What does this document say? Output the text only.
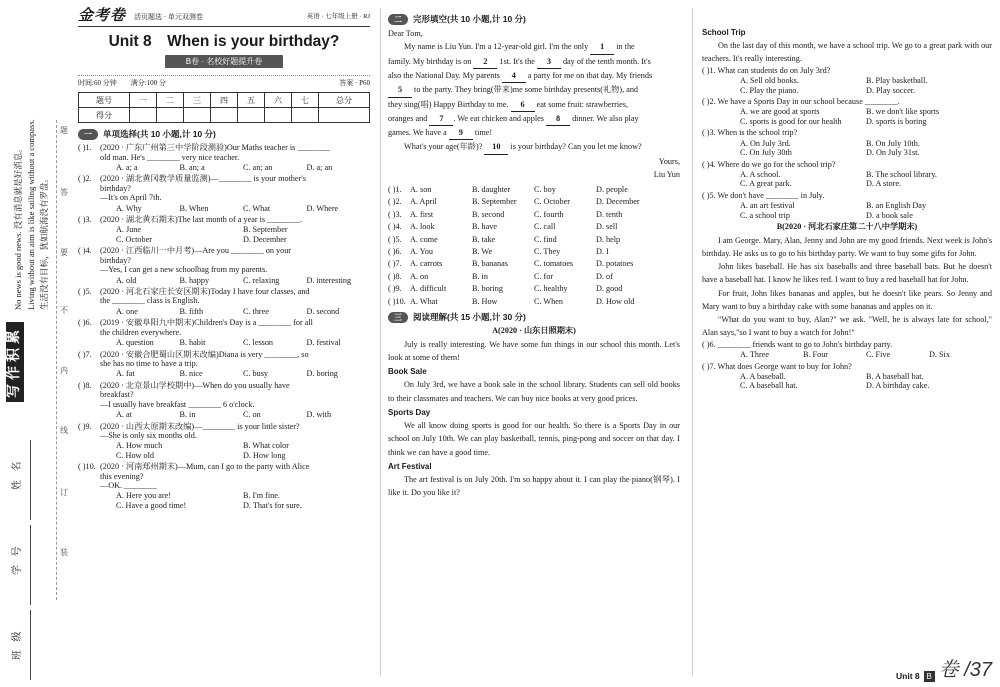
No news is good news. 没有消息就是好消息。 Living without an aim is like sailing without a compass. 生活没有目标，犹如航海没有罗盘。
写作积累
题
答
要
不
内
线
订
装
姓 名
学 号
班 级
金考卷 活页题选 · 单元双测卷	英语 · 七年级上册 · RJ
Unit 8　When is your birthday?
B卷 · 名校好题提升卷
时间:60 分钟　　满分:100 分	答案 · P60
题号	一	二	三	四	五	六	七	总分
得分								
一	单项选择(共 10 小题,计 10 分)
( )1.	(2020 · 广东广州第三中学阶段测验)Our Maths teacher is ________
old man. He's ________ very nice teacher.
A. a; a	B. an; a	C. an; an	D. a; an
( )2.	(2020 · 湖北黄冈教学质量监测)—________ is your mother's
birthday?
—It's on April 7th.
A. Why	B. When	C. What	D. Where
( )3.	(2020 · 湖北黄石期末)The last month of a year is ________.
A. June	B. September
C. October	D. December
( )4.	(2020 · 江西临川一中月考)—Are you ________ on your
birthday?
—Yes, I can get a new schoolbag from my parents.
A. old	B. happy	C. relaxing	D. interesting
( )5.	(2020 · 河北石家庄长安区期末)Today I have four classes, and
the ________ class is English.
A. one	B. fifth	C. three	D. second
( )6.	(2019 · 安徽阜阳九中期末)Children's Day is a ________ for all
the children everywhere.
A. question	B. habit	C. lesson	D. festival
( )7.	(2020 · 安徽合肥蜀山区期末改编)Diana is very ________, so
she has no time to have a trip.
A. fat	B. nice	C. busy	D. boring
( )8.	(2020 · 北京景山学校期中)—When do you usually have
breakfast?
—I usually have breakfast ________ 6 o'clock.
A. at	B. in	C. on	D. with
( )9.	(2020 · 山西太原期末改编)—________ is your little sister?
—She is only six months old.
A. How much	B. What color
C. How old	D. How long
( )10. (2020 · 河南郑州期末)—Mum, can I go to the party with Alice
this evening?
—OK. ________
A. Here you are!	B. I'm fine.
C. Have a good time!	D. That's for sure.
二	完形填空(共 10 小题,计 10 分)
Dear Tom,
My name is Liu Yun. I'm a 12-year-old girl. I'm the only 1 in the
family. My birthday is on 2 1st. It's the 3 day of the tenth month. It's
also the National Day. My parents 4 a party for me on that day. My friends
5 to the party. They bring(带来)me some birthday presents(礼物), and
they sing(唱) Happy Birthday to me. 6 eat some fruit: strawberries,
oranges and 7 . We eat chicken and apples 8 dinner. We also play
games. We have a 9 time!
What's your age(年龄)? 10 is your birthday? Can you let me know?
Yours,
Liu Yun
( )1.	A. son	B. daughter	C. boy	D. people
( )2.	A. April	B. September	C. October	D. December
( )3.	A. first	B. second	C. fourth	D. tenth
( )4.	A. look	B. have	C. call	D. sell
( )5.	A. come	B. take	C. find	D. help
( )6.	A. You	B. We	C. They	D. I
( )7.	A. carrots	B. bananas	C. tomatoes	D. potatoes
( )8.	A. on	B. in	C. for	D. of
( )9.	A. difficult	B. boring	C. healthy	D. good
( )10. A. What	B. How	C. When	D. How old
三	阅读理解(共 15 小题,计 30 分)
A(2020 · 山东日照期末)
July is really interesting. We have some fun things in our school this month. Let's look at some of them!
Book Sale
On July 3rd, we have a book sale in the school library. Students can sell old books to their classmates and teachers. We can buy nice books at very good prices.
Sports Day
We all know doing sports is good for our health. So there is a Sports Day in our school on July 10th. We can play basketball, tennis, ping-pong and soccer on that day. I think we can have a good time.
Art Festival
The art festival is on July 20th. I'm so happy about it. I can play the piano(钢琴). I like it. Do you like it?
School Trip
On the last day of this month, we have a school trip. We go to a great park with our teachers. It's really interesting.
( )1. What can students do on July 3rd?
A. Sell old books.	B. Play basketball.
C. Play the piano.	D. Play soccer.
( )2. We have a Sports Day in our school because ________.
A. we are good at sports	B. we don't like sports
C. sports is good for our health	D. sports is boring
( )3. When is the school trip?
A. On July 3rd.	B. On July 10th.
C. On July 30th	D. On July 31st.
( )4. Where do we go for the school trip?
A. A school.	B. The school library.
C. A great park.	D. A store.
( )5. We don't have ________ in July.
A. an art festival	B. an English Day
C. a school trip	D. a book sale
B(2020 · 河北石家庄第二十八中学期末)
I am George. Mary, Alan, Jenny and John are my good friends. Next week is John's birthday. He asks us to go to his birthday party. We want to buy some gifts for John.
John likes baseball. He has six baseballs and three baseball bats. But he doesn't have a baseball hat. I know he likes red. I want to buy a red baseball hat for John.
For fruit, John likes bananas and apples, but he doesn't like pears. So Jenny and Mary want to buy a birthday cake with some bananas and apples on it.
"What do you want to buy, Alan?" we ask. "Well, he is always late for school," Alan says,"so I want to buy a watch for John!"
( )6. ________ friends want to go to John's birthday party.
A. Three	B. Four	C. Five	D. Six
( )7. What does George want to buy for John?
A. A baseball.	B. A baseball bat.
C. A baseball hat.	D. A birthday cake.
Unit 8 B 卷 /37
